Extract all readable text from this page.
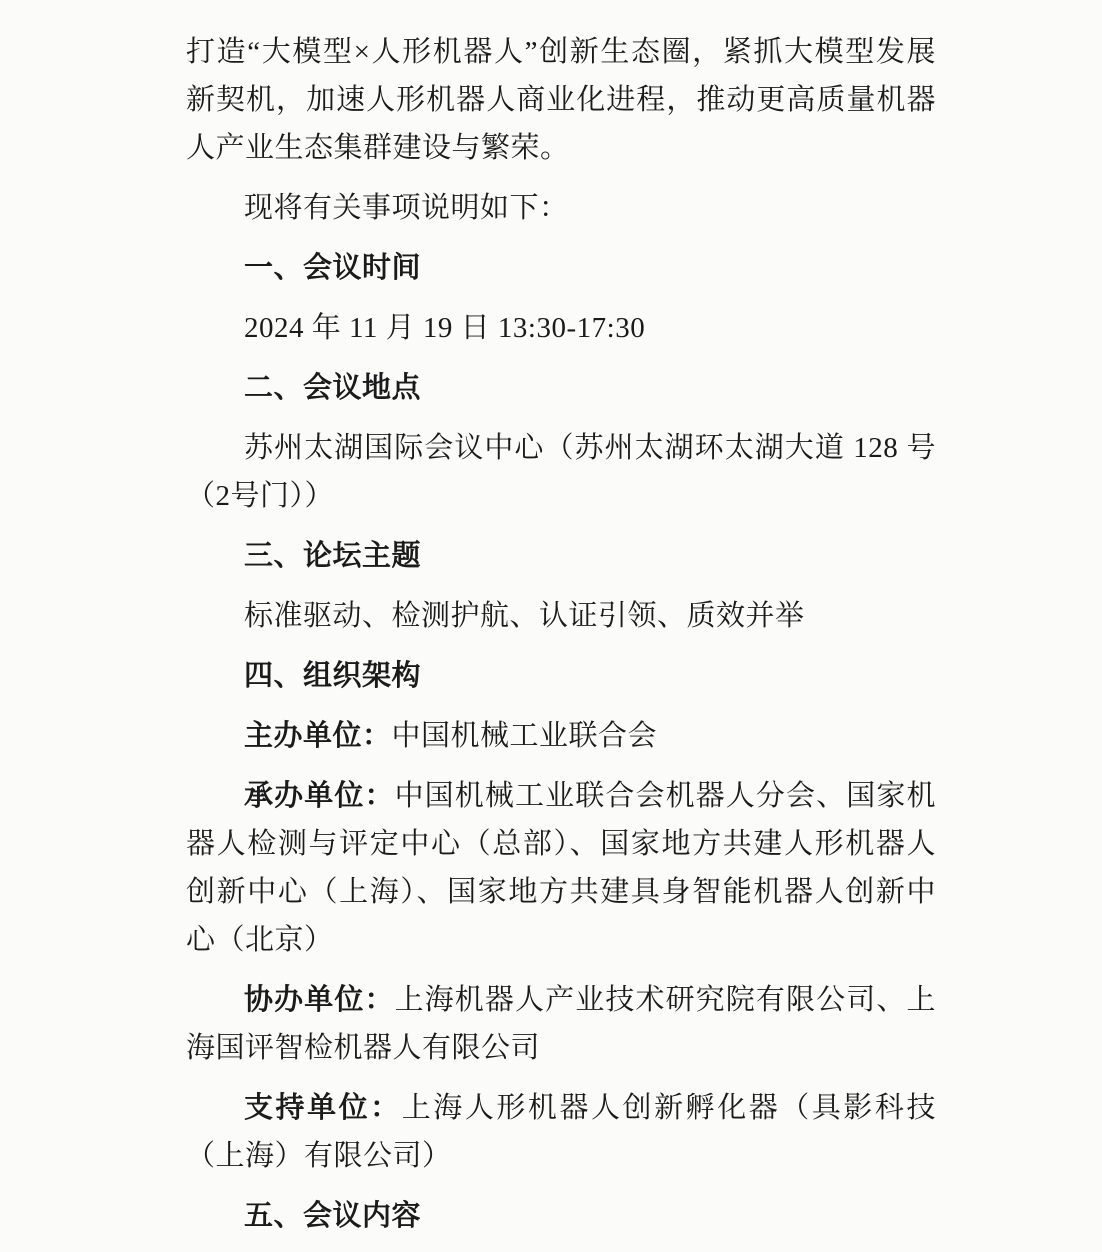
打造“大模型×人形机器人”创新生态圈，紧抓大模型发展新契机，加速人形机器人商业化进程，推动更高质量机器人产业生态集群建设与繁荣。

现将有关事项说明如下：

一、会议时间

2024 年 11 月 19 日 13:30-17:30

二、会议地点

苏州太湖国际会议中心（苏州太湖环太湖大道 128 号（2号门））

三、论坛主题

标准驱动、检测护航、认证引领、质效并举

四、组织架构

主办单位：中国机械工业联合会

承办单位：中国机械工业联合会机器人分会、国家机器人检测与评定中心（总部）、国家地方共建人形机器人创新中心（上海）、国家地方共建具身智能机器人创新中心（北京）

协办单位：上海机器人产业技术研究院有限公司、上海国评智检机器人有限公司

支持单位：上海人形机器人创新孵化器（具影科技（上海）有限公司）

五、会议内容
